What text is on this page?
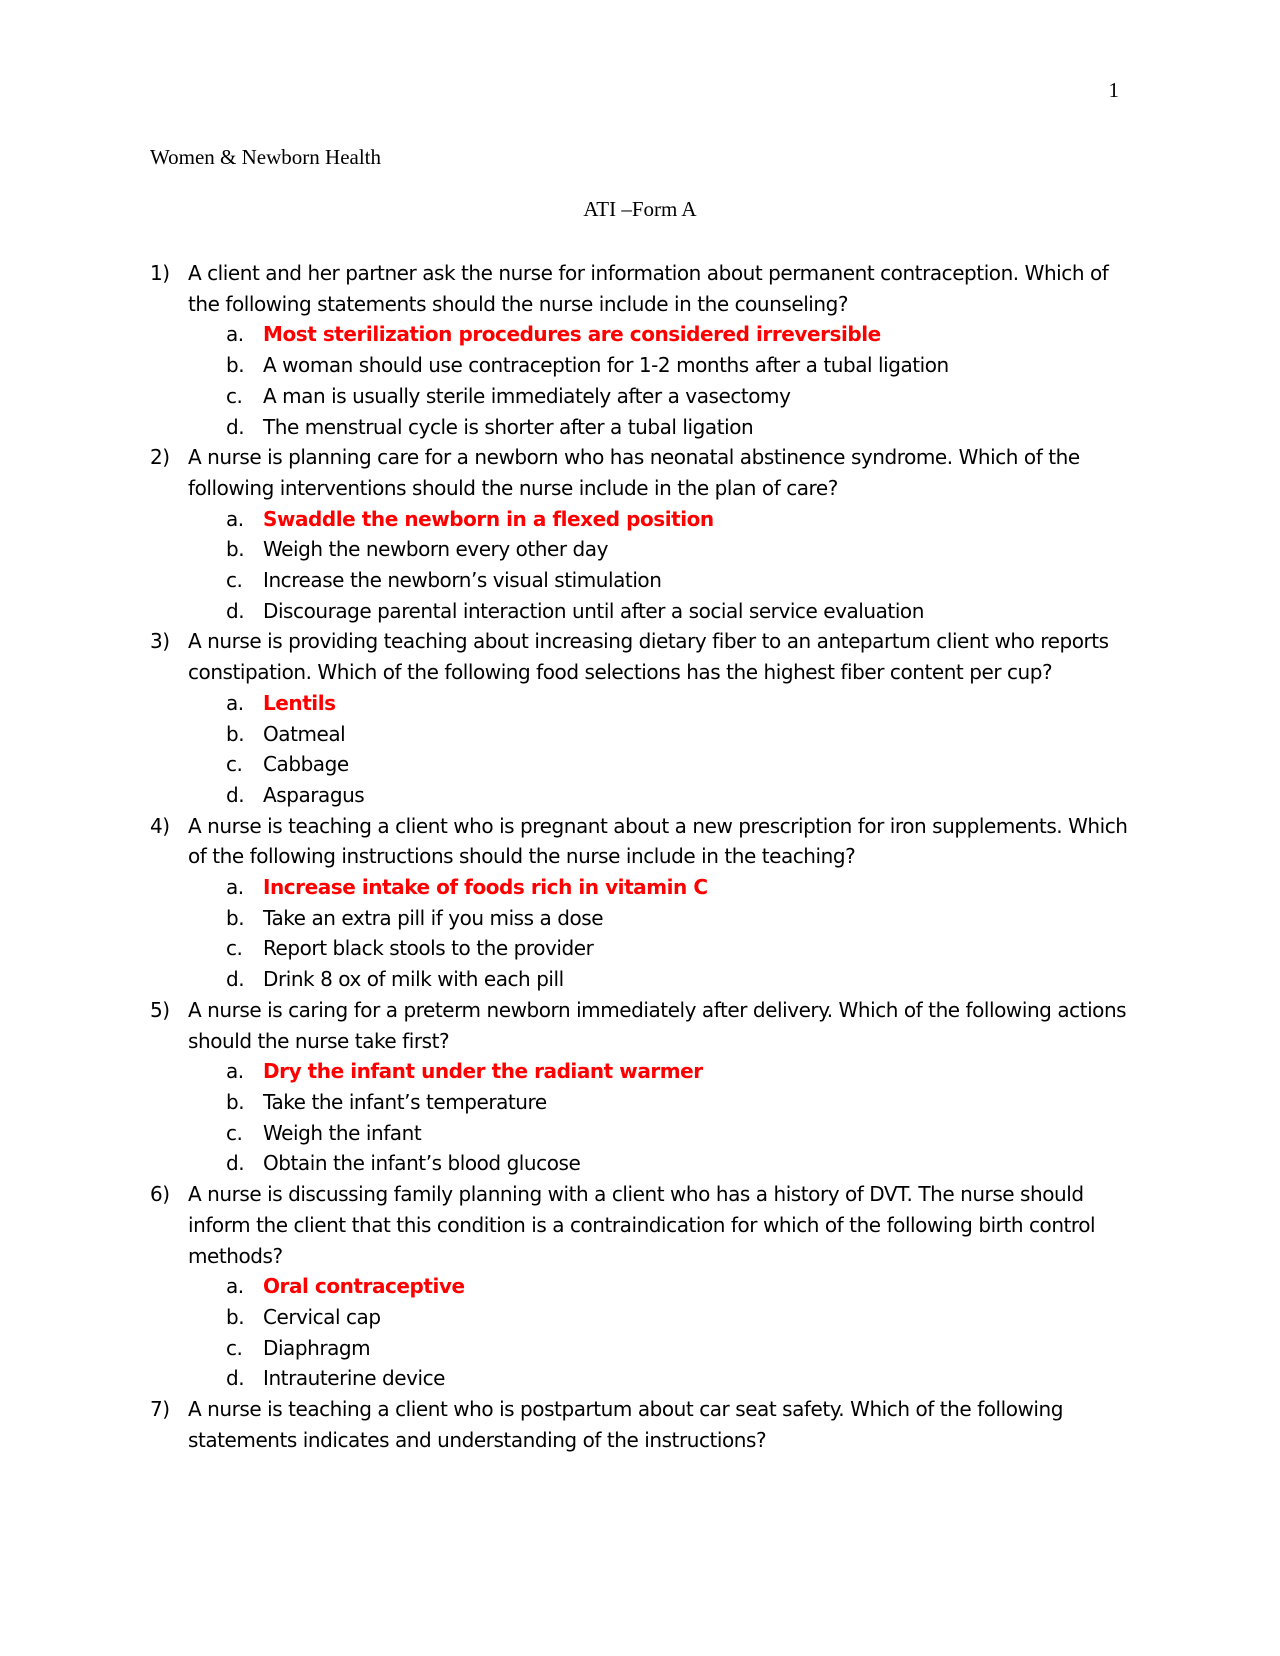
1
Women & Newborn Health
ATI –Form A
1) A client and her partner ask the nurse for information about permanent contraception. Which of the following statements should the nurse include in the counseling?
a. Most sterilization procedures are considered irreversible
b. A woman should use contraception for 1-2 months after a tubal ligation
c. A man is usually sterile immediately after a vasectomy
d. The menstrual cycle is shorter after a tubal ligation
2) A nurse is planning care for a newborn who has neonatal abstinence syndrome. Which of the following interventions should the nurse include in the plan of care?
a. Swaddle the newborn in a flexed position
b. Weigh the newborn every other day
c. Increase the newborn’s visual stimulation
d. Discourage parental interaction until after a social service evaluation
3) A nurse is providing teaching about increasing dietary fiber to an antepartum client who reports constipation. Which of the following food selections has the highest fiber content per cup?
a. Lentils
b. Oatmeal
c. Cabbage
d. Asparagus
4) A nurse is teaching a client who is pregnant about a new prescription for iron supplements. Which of the following instructions should the nurse include in the teaching?
a. Increase intake of foods rich in vitamin C
b. Take an extra pill if you miss a dose
c. Report black stools to the provider
d. Drink 8 ox of milk with each pill
5) A nurse is caring for a preterm newborn immediately after delivery. Which of the following actions should the nurse take first?
a. Dry the infant under the radiant warmer
b. Take the infant’s temperature
c. Weigh the infant
d. Obtain the infant’s blood glucose
6) A nurse is discussing family planning with a client who has a history of DVT. The nurse should inform the client that this condition is a contraindication for which of the following birth control methods?
a. Oral contraceptive
b. Cervical cap
c. Diaphragm
d. Intrauterine device
7) A nurse is teaching a client who is postpartum about car seat safety. Which of the following statements indicates and understanding of the instructions?
